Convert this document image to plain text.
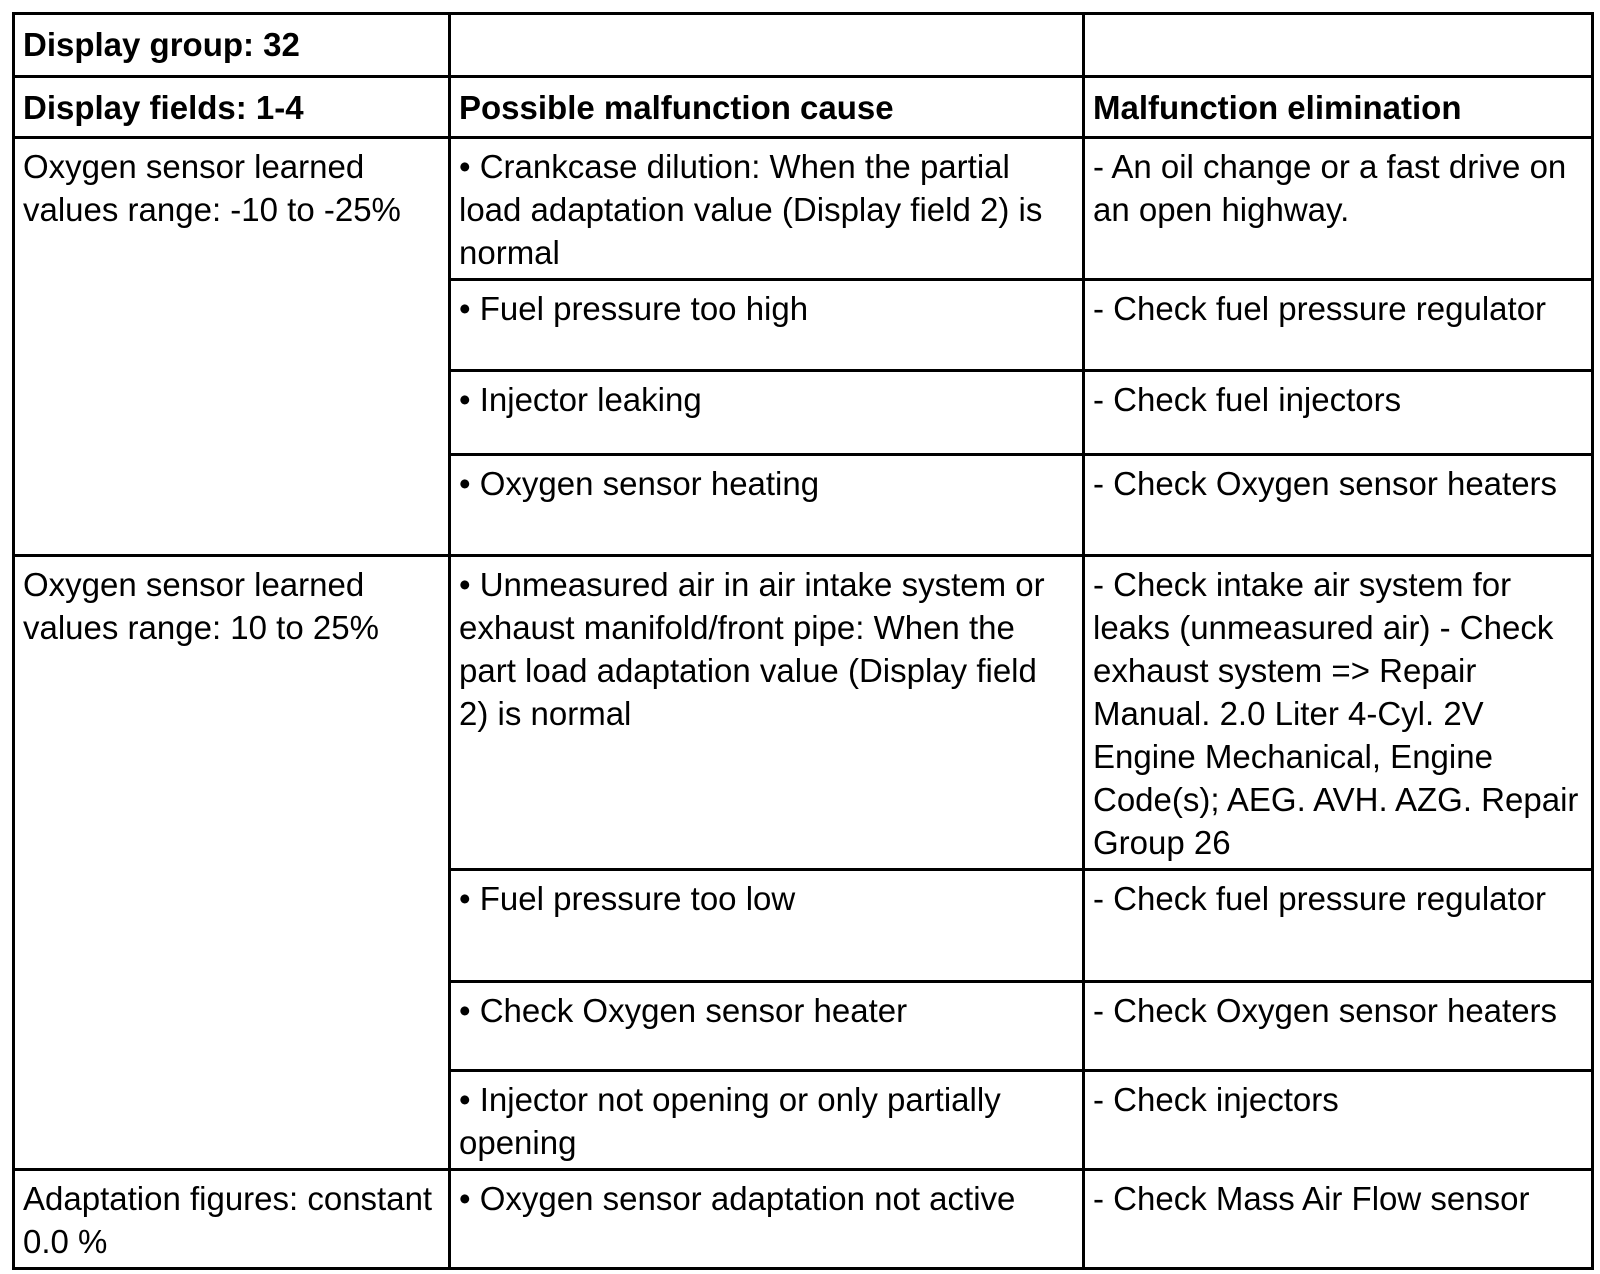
Display group: 32		
Display fields: 1-4	Possible malfunction cause	Malfunction elimination
Oxygen sensor learned values range: -10 to -25%	• Crankcase dilution: When the partial load adaptation value (Display field 2) is normal	- An oil change or a fast drive on an open highway.
	• Fuel pressure too high	- Check fuel pressure regulator
	• Injector leaking	- Check fuel injectors
	• Oxygen sensor heating	- Check Oxygen sensor heaters
Oxygen sensor learned values range: 10 to 25%	• Unmeasured air in air intake system or exhaust manifold/front pipe: When the part load adaptation value (Display field 2) is normal	- Check intake air system for leaks (unmeasured air) - Check exhaust system => Repair Manual. 2.0 Liter 4-Cyl. 2V Engine Mechanical, Engine Code(s); AEG. AVH. AZG. Repair Group 26
	• Fuel pressure too low	- Check fuel pressure regulator
	• Check Oxygen sensor heater	- Check Oxygen sensor heaters
	• Injector not opening or only partially opening	- Check injectors
Adaptation figures: constant 0.0 %	• Oxygen sensor adaptation not active	- Check Mass Air Flow sensor
